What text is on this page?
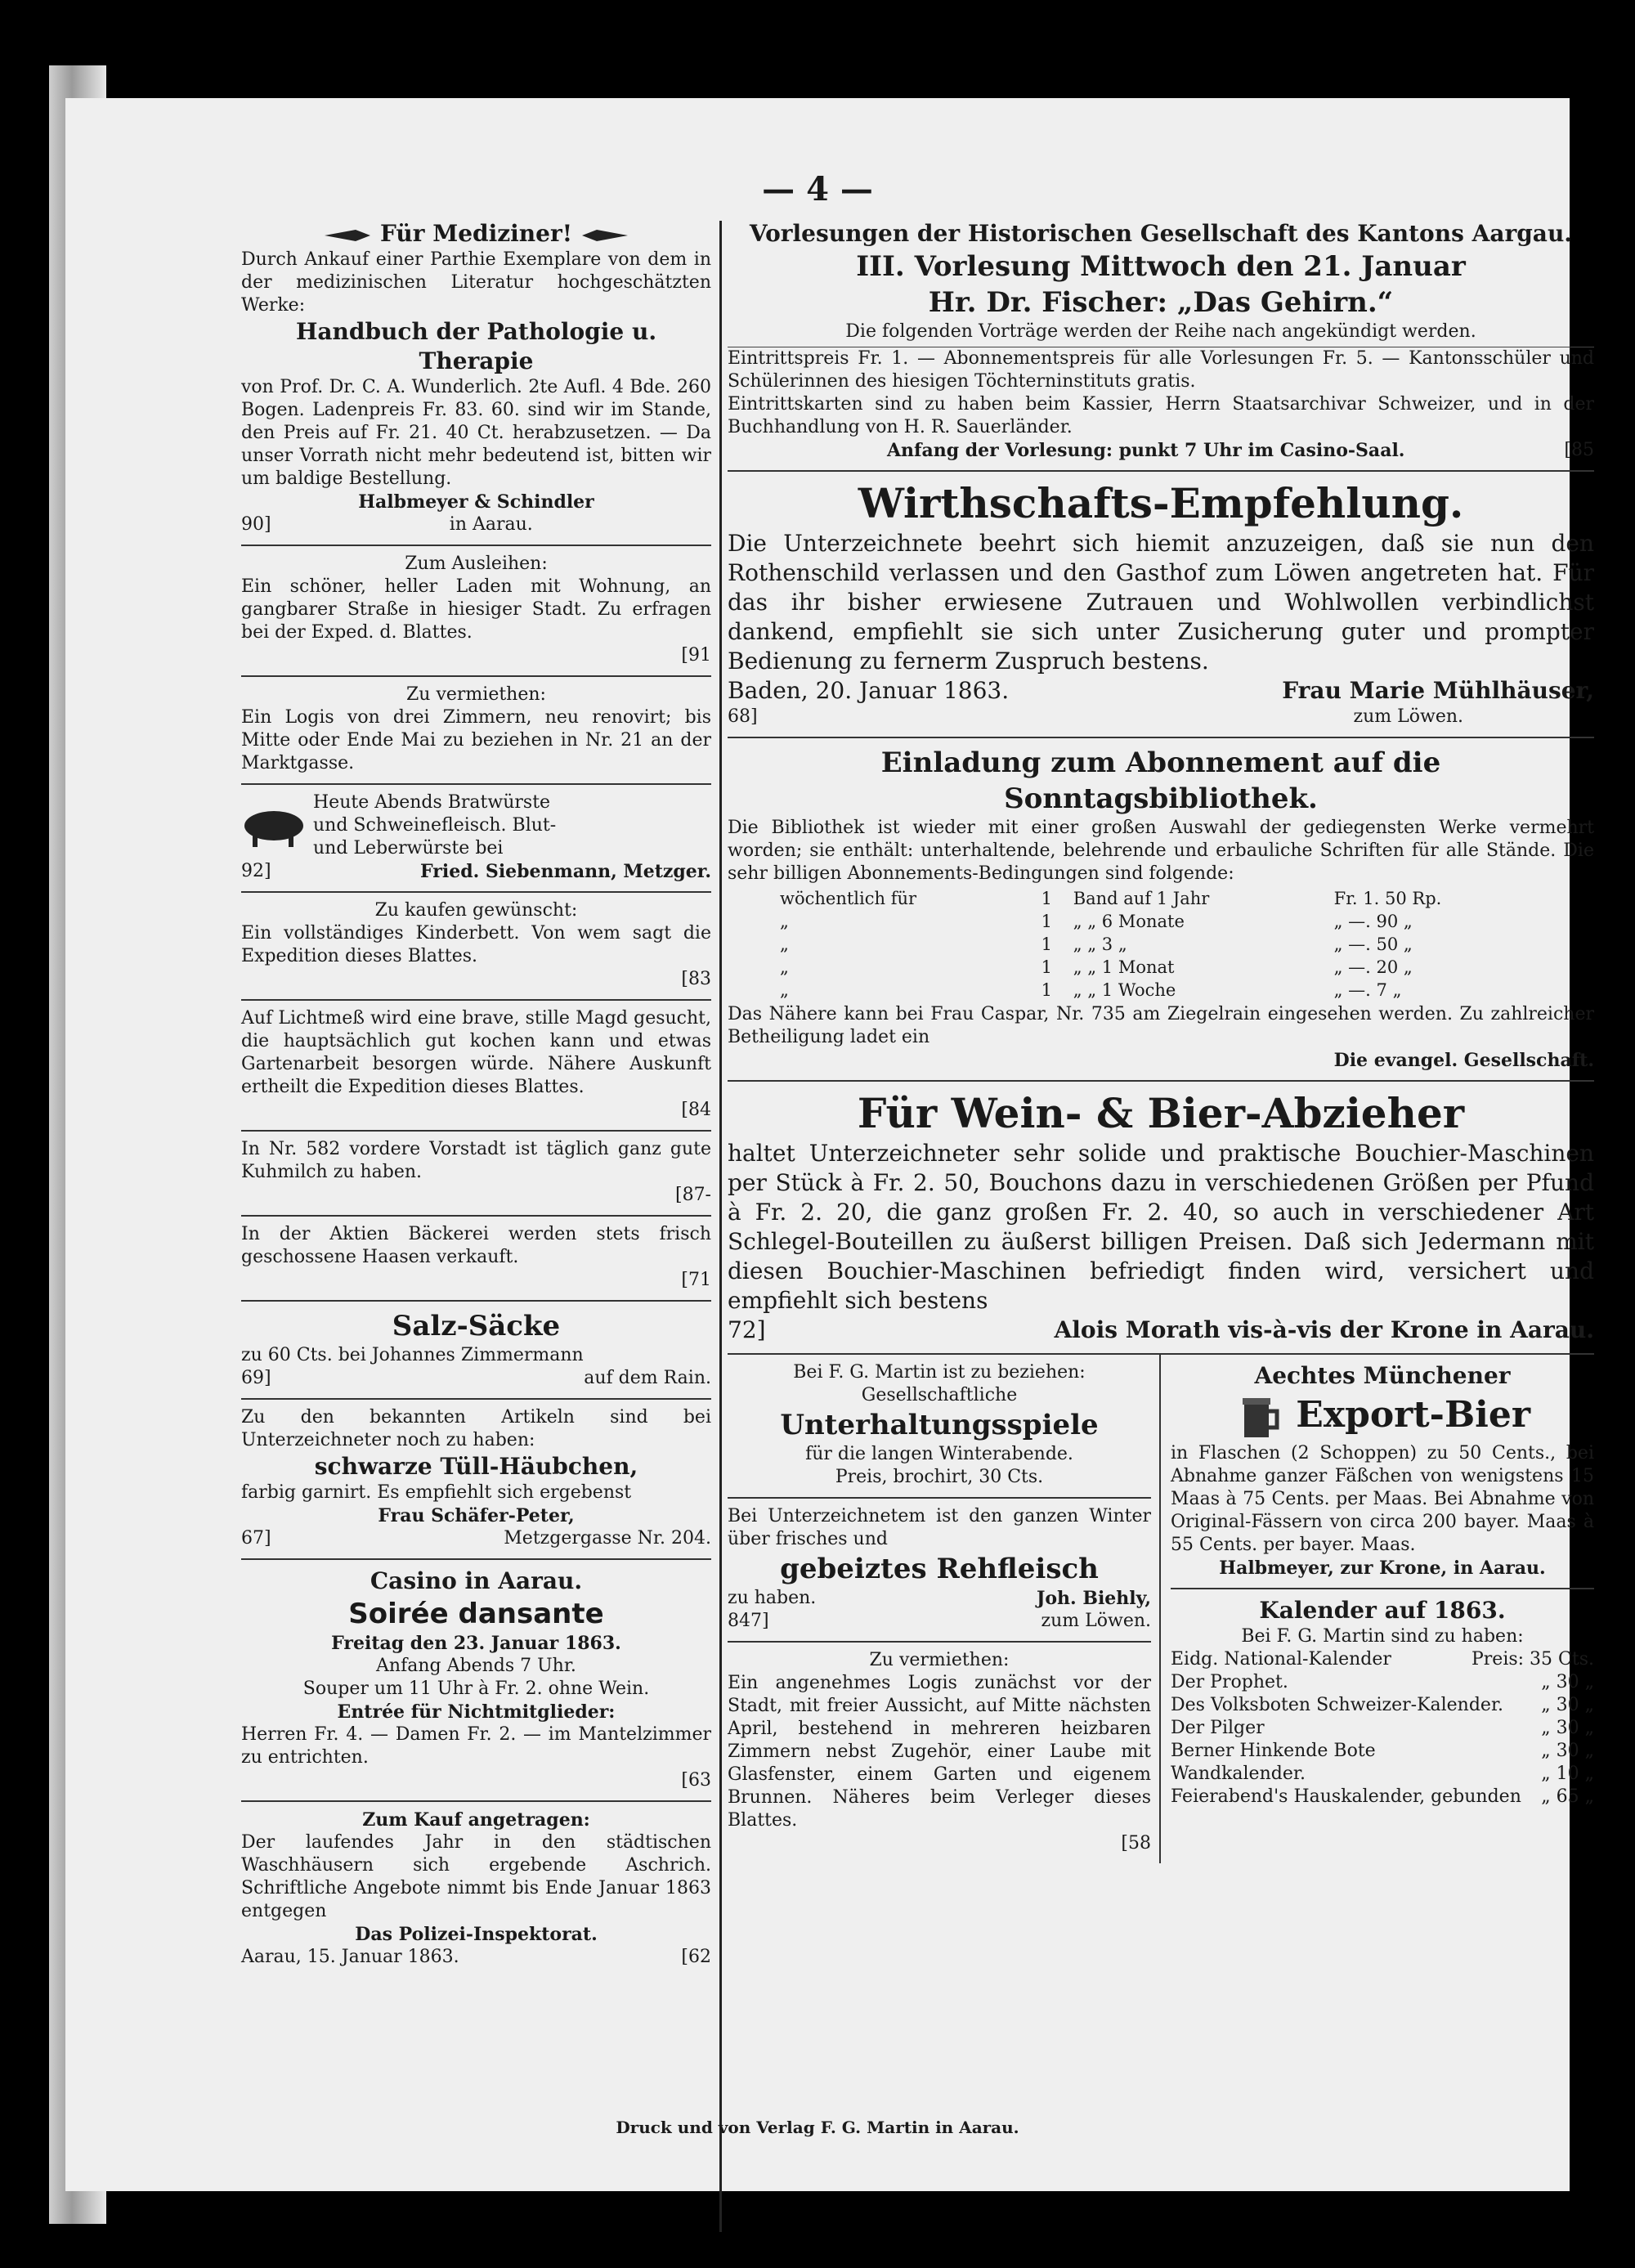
— 4 —
Für Mediziner!
Durch Ankauf einer Parthie Exemplare von dem in der medizinischen Literatur hochgeschätzten Werke:
Handbuch der Pathologie u. Therapie
von Prof. Dr. C. A. Wunderlich. 2te Aufl. 4 Bde. 260 Bogen. Ladenpreis Fr. 83. 60. sind wir im Stande, den Preis auf Fr. 21. 40 Ct. herabzusetzen. — Da unser Vorrath nicht mehr bedeutend ist, bitten wir um baldige Bestellung.
Halbmeyer & Schindler
90]	in Aarau.
Zum Ausleihen:
Ein schöner, heller Laden mit Wohnung, an gangbarer Straße in hiesiger Stadt. Zu erfragen bei der Exped. d. Blattes.
[91
Zu vermiethen:
Ein Logis von drei Zimmern, neu renovirt; bis Mitte oder Ende Mai zu beziehen in Nr. 21 an der Marktgasse.
Heute Abends Bratwürste
und Schweinefleisch. Blut-
und Leberwürste bei
92]	Fried. Siebenmann, Metzger.
Zu kaufen gewünscht:
Ein vollständiges Kinderbett. Von wem sagt die Expedition dieses Blattes.
[83
Auf Lichtmeß wird eine brave, stille Magd gesucht, die hauptsächlich gut kochen kann und etwas Gartenarbeit besorgen würde. Nähere Auskunft ertheilt die Expedition dieses Blattes.
[84
In Nr. 582 vordere Vorstadt ist täglich ganz gute Kuhmilch zu haben.
[87-
In der Aktien Bäckerei werden stets frisch geschossene Haasen verkauft.
[71
Salz-Säcke
zu 60 Cts. bei Johannes Zimmermann
69]	auf dem Rain.
Zu den bekannten Artikeln sind bei Unterzeichneter noch zu haben:
schwarze Tüll-Häubchen,
farbig garnirt. Es empfiehlt sich ergebenst
Frau Schäfer-Peter,
67]	Metzgergasse Nr. 204.
Casino in Aarau.
Soirée dansante
Freitag den 23. Januar 1863.
Anfang Abends 7 Uhr.
Souper um 11 Uhr à Fr. 2. ohne Wein.
Entrée für Nichtmitglieder:
Herren Fr. 4. — Damen Fr. 2. — im Mantelzimmer zu entrichten.
[63
Zum Kauf angetragen:
Der laufendes Jahr in den städtischen Waschhäusern sich ergebende Aschrich. Schriftliche Angebote nimmt bis Ende Januar 1863 entgegen
Das Polizei-Inspektorat.
Aarau, 15. Januar 1863.	[62
Vorlesungen der Historischen Gesellschaft des Kantons Aargau.
III. Vorlesung Mittwoch den 21. Januar
Hr. Dr. Fischer: „Das Gehirn.“
Die folgenden Vorträge werden der Reihe nach angekündigt werden.
Eintrittspreis Fr. 1. — Abonnementspreis für alle Vorlesungen Fr. 5. — Kantonsschüler und Schülerinnen des hiesigen Töchterninstituts gratis.
Eintrittskarten sind zu haben beim Kassier, Herrn Staatsarchivar Schweizer, und in der Buchhandlung von H. R. Sauerländer.
Anfang der Vorlesung: punkt 7 Uhr im Casino-Saal.	[85
Wirthschafts-Empfehlung.
Die Unterzeichnete beehrt sich hiemit anzuzeigen, daß sie nun den Rothenschild verlassen und den Gasthof zum Löwen angetreten hat. Für das ihr bisher erwiesene Zutrauen und Wohlwollen verbindlichst dankend, empfiehlt sie sich unter Zusicherung guter und prompter Bedienung zu fernerm Zuspruch bestens.
Baden, 20. Januar 1863.	Frau Marie Mühlhäuser,
68]	zum Löwen.
Einladung zum Abonnement auf die Sonntagsbibliothek.
Die Bibliothek ist wieder mit einer großen Auswahl der gediegensten Werke vermehrt worden; sie enthält: unterhaltende, belehrende und erbauliche Schriften für alle Stände. Die sehr billigen Abonnements-Bedingungen sind folgende:
wöchentlich für	1	Band auf 1 Jahr	Fr. 1. 50 Rp.
„	1	„ „ 6 Monate	„ —. 90 „
„	1	„ „ 3 „	„ —. 50 „
„	1	„ „ 1 Monat	„ —. 20 „
„	1	„ „ 1 Woche	„ —. 7 „
Das Nähere kann bei Frau Caspar, Nr. 735 am Ziegelrain eingesehen werden. Zu zahlreicher Betheiligung ladet ein
Die evangel. Gesellschaft.
Für Wein- & Bier-Abzieher
haltet Unterzeichneter sehr solide und praktische Bouchier-Maschinen per Stück à Fr. 2. 50, Bouchons dazu in verschiedenen Größen per Pfund à Fr. 2. 20, die ganz großen Fr. 2. 40, so auch in verschiedener Art Schlegel-Bouteillen zu äußerst billigen Preisen. Daß sich Jedermann mit diesen Bouchier-Maschinen befriedigt finden wird, versichert und empfiehlt sich bestens
72]	Alois Morath vis-à-vis der Krone in Aarau.
Bei F. G. Martin ist zu beziehen:
Gesellschaftliche
Unterhaltungsspiele
für die langen Winterabende.
Preis, brochirt, 30 Cts.
Bei Unterzeichnetem ist den ganzen Winter über frisches und
gebeiztes Rehfleisch
zu haben.	Joh. Biehly,
847]	zum Löwen.
Zu vermiethen:
Ein angenehmes Logis zunächst vor der Stadt, mit freier Aussicht, auf Mitte nächsten April, bestehend in mehreren heizbaren Zimmern nebst Zugehör, einer Laube mit Glasfenster, einem Garten und eigenem Brunnen. Näheres beim Verleger dieses Blattes.
[58
Aechtes Münchener
Export-Bier
in Flaschen (2 Schoppen) zu 50 Cents., bei Abnahme ganzer Fäßchen von wenigstens 15 Maas à 75 Cents. per Maas. Bei Abnahme von Original-Fässern von circa 200 bayer. Maas à 55 Cents. per bayer. Maas.
Halbmeyer, zur Krone, in Aarau.
Kalender auf 1863.
Bei F. G. Martin sind zu haben:
Eidg. National-Kalender	Preis: 35 Cts.
Der Prophet.	„ 30 „
Des Volksboten Schweizer-Kalender. „ 30 „
Der Pilger	„ 30 „
Berner Hinkende Bote	„ 30 „
Wandkalender.	„ 10 „
Feierabend's Hauskalender, gebunden „ 65 „
Druck und von Verlag F. G. Martin in Aarau.
